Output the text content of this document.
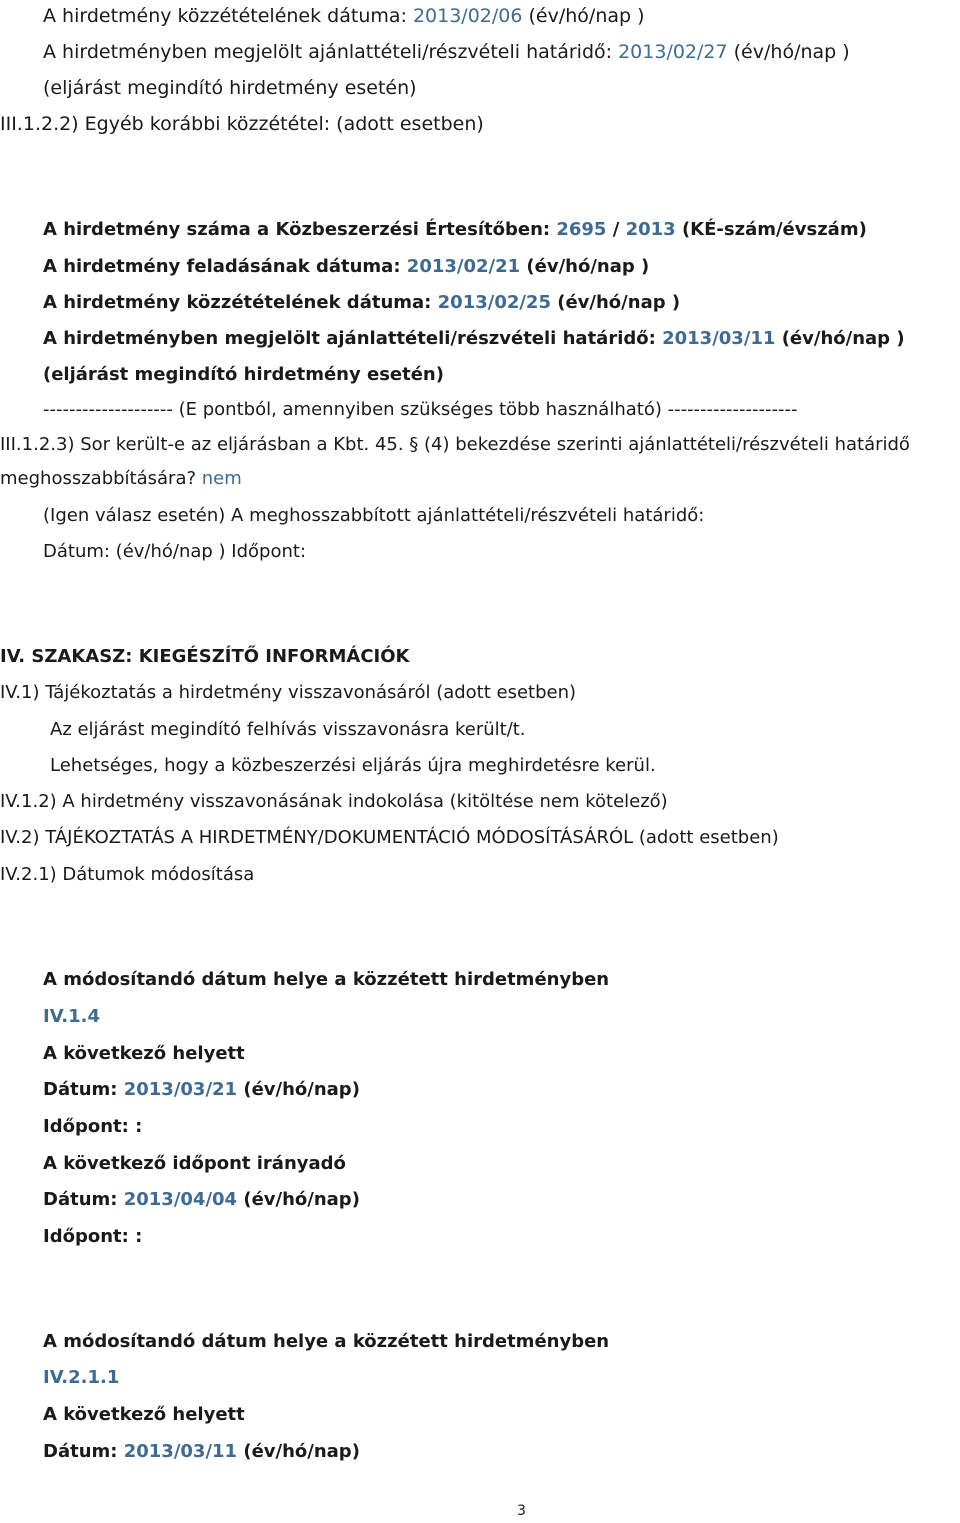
A hirdetmény közzétételének dátuma: 2013/02/06 (év/hó/nap )
A hirdetményben megjelölt ajánlattételi/részvételi határidő: 2013/02/27 (év/hó/nap )
(eljárást megindító hirdetmény esetén)
III.1.2.2) Egyéb korábbi közzététel: (adott esetben)
A hirdetmény száma a Közbeszerzési Értesítőben: 2695 / 2013 (KÉ-szám/évszám)
A hirdetmény feladásának dátuma: 2013/02/21 (év/hó/nap )
A hirdetmény közzétételének dátuma: 2013/02/25 (év/hó/nap )
A hirdetményben megjelölt ajánlattételi/részvételi határidő: 2013/03/11 (év/hó/nap )
(eljárást megindító hirdetmény esetén)
-------------------- (E pontból, amennyiben szükséges több használható) --------------------
III.1.2.3) Sor került-e az eljárásban a Kbt. 45. § (4) bekezdése szerinti ajánlattételi/részvételi határidő
meghosszabbítására? nem
(Igen válasz esetén) A meghosszabbított ajánlattételi/részvételi határidő:
Dátum: (év/hó/nap ) Időpont:
IV. SZAKASZ: KIEGÉSZÍTŐ INFORMÁCIÓK
IV.1) Tájékoztatás a hirdetmény visszavonásáról (adott esetben)
Az eljárást megindító felhívás visszavonásra került/t.
Lehetséges, hogy a közbeszerzési eljárás újra meghirdetésre kerül.
IV.1.2) A hirdetmény visszavonásának indokolása (kitöltése nem kötelező)
IV.2) TÁJÉKOZTATÁS A HIRDETMÉNY/DOKUMENTÁCIÓ MÓDOSÍTÁSÁRÓL (adott esetben)
IV.2.1) Dátumok módosítása
A módosítandó dátum helye a közzétett hirdetményben
IV.1.4
A következő helyett
Dátum: 2013/03/21 (év/hó/nap)
Időpont: :
A következő időpont irányadó
Dátum: 2013/04/04 (év/hó/nap)
Időpont: :
A módosítandó dátum helye a közzétett hirdetményben
IV.2.1.1
A következő helyett
Dátum: 2013/03/11 (év/hó/nap)
3
